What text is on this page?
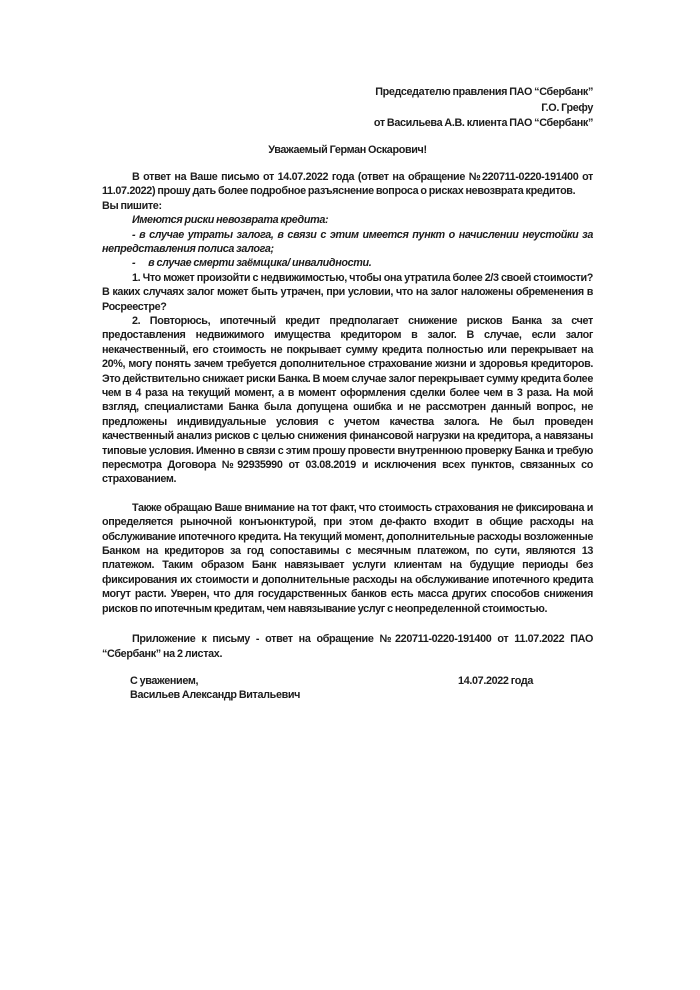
Председателю правления ПАО “Сбербанк”
Г.О. Грефу
от Васильева А.В. клиента ПАО “Сбербанк”

Уважаемый Герман Оскарович!

В ответ на Ваше письмо от 14.07.2022 года (ответ на обращение №220711-0220-191400 от 11.07.2022) прошу дать более подробное разъяснение вопроса о рисках невозврата кредитов.

Вы пишите:

Имеются риски невозврата кредита:

- в случае утраты залога, в связи с этим имеется пункт о начислении неустойки за непредставления полиса залога;

-      в случае смерти заёмщика/ инвалидности.

1. Что может произойти с недвижимостью, чтобы она утратила более 2/3 своей стоимости? В каких случаях залог может быть утрачен, при условии, что на залог наложены обременения в Росреестре?

2. Повторюсь, ипотечный кредит предполагает снижение рисков Банка за счет предоставления недвижимого имущества кредитором в залог. В случае, если залог некачественный, его стоимость не покрывает сумму кредита полностью или перекрывает на 20%, могу понять зачем требуется дополнительное страхование жизни и здоровья кредиторов. Это действительно снижает риски Банка. В моем случае залог перекрывает сумму кредита более чем в 4 раза на текущий момент, а в момент оформления сделки более чем в 3 раза. На мой взгляд, специалистами Банка была допущена ошибка и не рассмотрен данный вопрос, не предложены индивидуальные условия с учетом качества залога. Не был проведен качественный анализ рисков с целью снижения финансовой нагрузки на кредитора, а навязаны типовые условия. Именно в связи с этим прошу провести внутреннюю проверку Банка и требую пересмотра Договора №92935990 от 03.08.2019 и исключения всех пунктов, связанных со страхованием.

Также обращаю Ваше внимание на тот факт, что стоимость страхования не фиксирована и определяется рыночной конъюнктурой, при этом де-факто входит в общие расходы на обслуживание ипотечного кредита. На текущий момент, дополнительные расходы возложенные Банком на кредиторов за год сопоставимы с месячным платежом, по сути, являются 13 платежом. Таким образом Банк навязывает услуги клиентам на будущие периоды без фиксирования их стоимости и дополнительные расходы на обслуживание ипотечного кредита могут расти. Уверен, что для государственных банков есть масса других способов снижения рисков по ипотечным кредитам, чем навязывание услуг с неопределенной стоимостью.

Приложение к письму - ответ на обращение №220711-0220-191400 от 11.07.2022 ПАО “Сбербанк” на 2 листах.

С уважением,	14.07.2022 года

Васильев Александр Витальевич
